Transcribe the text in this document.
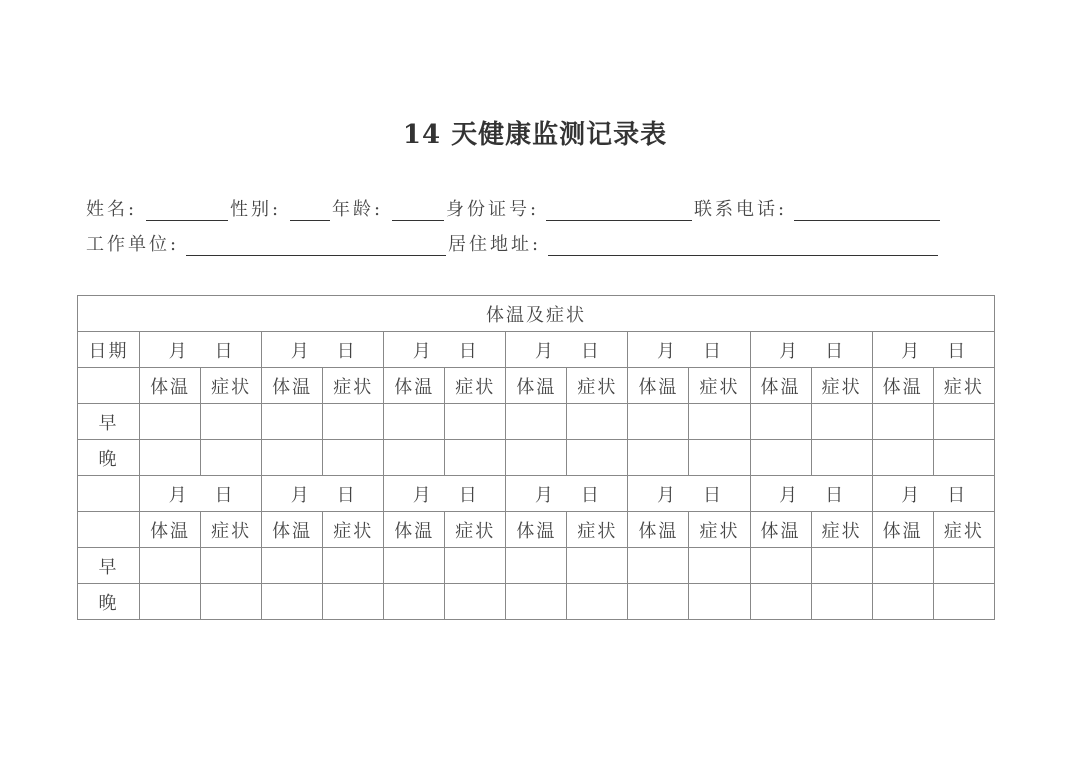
14 天健康监测记录表
姓名:	性别:	年龄:	身份证号:	联系电话:
工作单位:	居住地址:
体温及症状														
日期	月 日		月 日		月 日		月 日		月 日		月 日		月 日	
	体温	症状	体温	症状	体温	症状	体温	症状	体温	症状	体温	症状	体温	症状
早														
晚														
	月 日		月 日		月 日		月 日		月 日		月 日		月 日	
	体温	症状	体温	症状	体温	症状	体温	症状	体温	症状	体温	症状	体温	症状
早														
晚														
